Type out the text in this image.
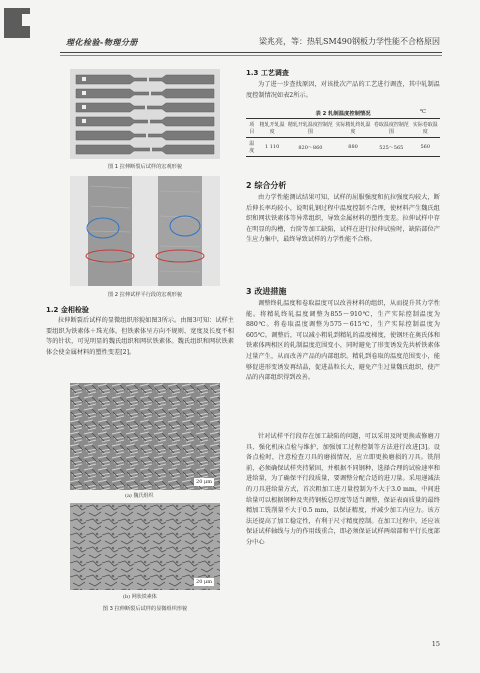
理化检验-物理分册	梁兆亮，等：热轧SM490钢板力学性能不合格原因
图 1 拉伸断裂后试样的宏观形貌
图 2 拉伸试样平行段的宏观形貌
1.2 金相检验
拉伸断裂后试样的显微组织形貌如图3所示。由图3可知：试样主要组织为铁素体＋珠光体，但铁素体呈方向不规则、宽度及长度不相等的针状，可见明显的魏氏组织和网状铁素体。魏氏组织和网状铁素体会使金属材料的塑性变差[2]。
20 μm
(a) 魏氏组织
20 μm
(b) 网状铁素体
图 3 拉伸断裂后试样的显微组织形貌
1.3 工艺调查
为了进一步查找原因，对该批次产品的工艺进行调查，其中轧制温度控制情况如表2所示。
表 2 轧制温度控制情况	℃
项目	粗轧开轧温度	精轧开轧温度控制范围	实际精轧终轧温度	卷取温度控制范围	实际卷取温度
温度	1 110	820～860	880	525～565	560
2 综合分析
由力学性能测试结果可知，试样的屈服强度和抗拉强度均较大，断后伸长率均较小，说明轧钢过程中温度控制不合理，使材料产生魏氏组织和网状铁素体等异常组织，导致金属材料的塑性变差。拉伸试样中存在明显的沟槽，台阶等加工缺陷，试样在进行拉伸试验时，缺陷部位产生应力集中，最终导致试样的力学性能不合格。
3 改进措施
调整终轧温度和卷取温度可以改善材料的组织，从而提升其力学性能。将精轧终轧温度调整为855～910℃，生产实际控制温度为880℃。将卷取温度调整为575～615℃，生产实际控制温度为605℃。调整后，可以减小粗轧到精轧的温度梯度，使钢坯在奥氏体和铁素体两相区的轧制温度范围变小，同时避免了形变诱发先共析铁素体过量产生，从而改善产品的内部组织。精轧到卷取的温度范围变小，能够促进形变诱发再结晶，促进晶粒长大，避免产生过量魏氏组织，使产品的内部组织得到改善。
针对试样平行段存在加工缺陷的问题，可以采用及时更换或修磨刀具、强化机床点检与维护、加强加工过程控制等方法进行改进[3]。设备点检时，注意检查刀具的磨损情况，应立即更换磨损的刀具。铣削前，必须确保试样夹持紧固，并根据不同钢种，选择合理的试验速率和进给量，为了确保平行段质量，要调整分配合适的进刀量。采用递减法的刀具进给量方式，首次粗加工进刀量控制为不大于3.0 mm，中间进给量可以根据钢种及夹持钢板总厚度等适当调整，保证表面质量的最终精加工铣削量不大于0.5 mm，以保证精度，并减少加工内应力。该方法还提高了加工稳定性，有利于尺寸精度控制。在加工过程中，还应该保证试样轴线与力的作用线重合，即必须保证试样两端部和平行长度部分中心
15
